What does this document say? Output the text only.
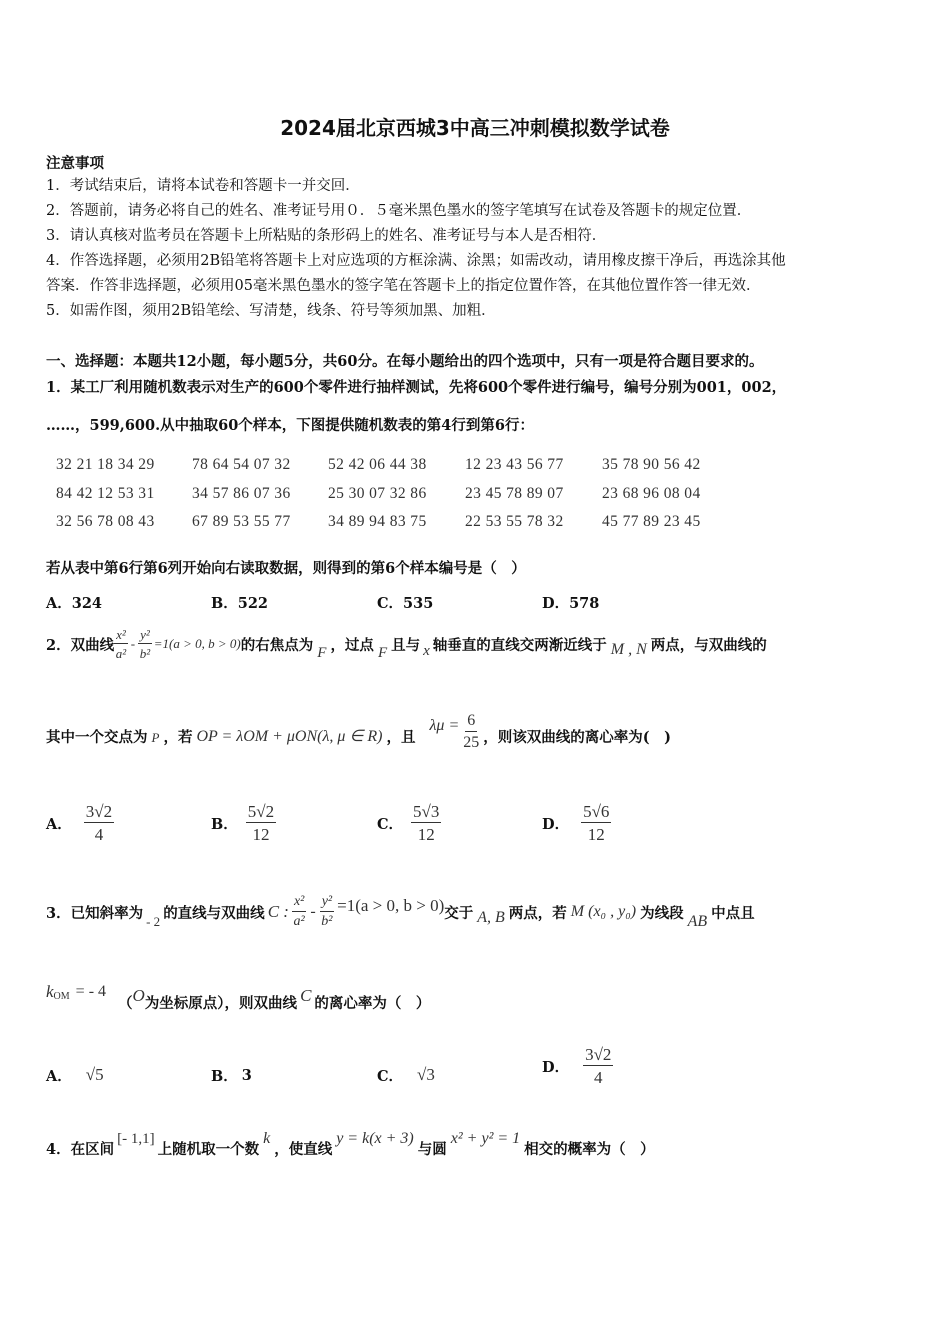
2024届北京西城3中高三冲刺模拟数学试卷
注意事项
1．考试结束后，请将本试卷和答题卡一并交回．
2．答题前，请务必将自己的姓名、准考证号用０．５毫米黑色墨水的签字笔填写在试卷及答题卡的规定位置．
3．请认真核对监考员在答题卡上所粘贴的条形码上的姓名、准考证号与本人是否相符．
4．作答选择题，必须用2B铅笔将答题卡上对应选项的方框涂满、涂黑；如需改动，请用橡皮擦干净后，再选涂其他
答案．作答非选择题，必须用05毫米黑色墨水的签字笔在答题卡上的指定位置作答，在其他位置作答一律无效．
5．如需作图，须用2B铅笔绘、写清楚，线条、符号等须加黑、加粗．
一、选择题：本题共12小题，每小题5分，共60分。在每小题给出的四个选项中，只有一项是符合题目要求的。
1．某工厂利用随机数表示对生产的600个零件进行抽样测试，先将600个零件进行编号，编号分别为001，002，
……，599,600.从中抽取60个样本，下图提供随机数表的第4行到第6行：
32 21 18 34 29 78 64 54 07 32 52 42 06 44 38 12 23 43 56 77 35 78 90 56 42
84 42 12 53 31 34 57 86 07 36 25 30 07 32 86 23 45 78 89 07 23 68 96 08 04
32 56 78 08 43 67 89 53 55 77 34 89 94 83 75 22 53 55 78 32 45 77 89 23 45
若从表中第6行第6列开始向右读取数据，则得到的第6个样本编号是（　）
A．324	B．522	C．535	D．578
2．双曲线 $\frac{\text{x²}}{\text{a²}} - \frac{\text{y²}}{\text{b²}} =1(a > 0$, b > 0) 的右焦点为 F ，过点 F 且与 x 轴垂直的直线交两渐近线于 M , N 两点，与双曲线的
其中一个交点为 P ，若 OP = λOM + μON(λ, μ ∈ R) ，且
$\lambda\mu = \frac{6}{25}$ ，则该双曲线的离心率为(　)
A． $\frac{3√2}{4}$	B． $\frac{5√2}{12}$	C． $\frac{5√3}{12}$	D． $\frac{5√6}{12}$
3．已知斜率为 - 2 的直线与双曲线 C : $\frac{\text{x²}}{\text{a²}} - \frac{\text{y²}}{\text{b²}} =1(a > 0$, b > 0) 交于 A, B 两点，若 M (x₀ , y₀) 为线段 AB 中点且
k OM = - 4
（ O 为坐标原点），则双曲线 C 的离心率为（　）
A． √5	B． 3	C． √3	D． $\frac{3√2}{4}$
4．在区间
[- 1,1]
上随机取一个数
k
，使直线
y = k(x + 3)
与圆
x² + y² = 1
相交的概率为（　）
